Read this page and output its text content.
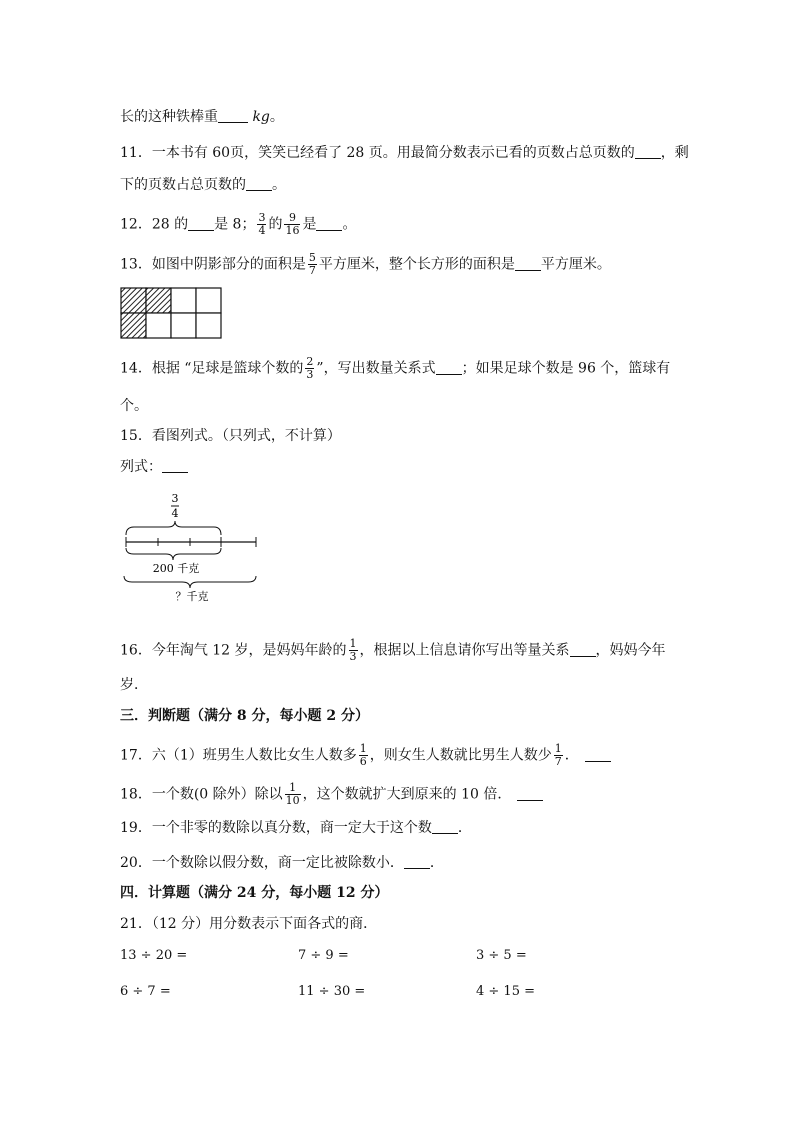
长的这种铁棒重 kg。
11．一本书有 60页，笑笑已经看了 28 页。用最简分数表示已看的页数占总页数的 ，剩
下的页数占总页数的 。
12．28 的 是 8； $\frac{3}{4}$ 的 $\frac{9}{16}$ 是 。
13．如图中阴影部分的面积是 $\frac{5}{7}$ 平方厘米，整个长方形的面积是 平方厘米。
14．根据 “足球是篮球个数的 $\frac{2}{3}$ ”，写出数量关系式 ；如果足球个数是 96 个，篮球有
个。
15．看图列式。（只列式，不计算）
列式：
3
4
200 千克
？千克
16．今年淘气 12 岁，是妈妈年龄的 $\frac{1}{3}$ ，根据以上信息请你写出等量关系 ，妈妈今年
岁．
三．判断题（满分 8 分，每小题 2 分）
17．六（1）班男生人数比女生人数多 $\frac{1}{6}$ ，则女生人数就比男生人数少 $\frac{1}{7}$ ．
18．一个数(0 除外）除以 $\frac{1}{10}$ ，这个数就扩大到原来的 10 倍．
19．一个非零的数除以真分数，商一定大于这个数 ．
20．一个数除以假分数，商一定比被除数小． ．
四．计算题（满分 24 分，每小题 12 分）
21．（12 分）用分数表示下面各式的商．
13 ÷ 20 =	7 ÷ 9 =	3 ÷ 5 =
6 ÷ 7 =	11 ÷ 30 =	4 ÷ 15 =
